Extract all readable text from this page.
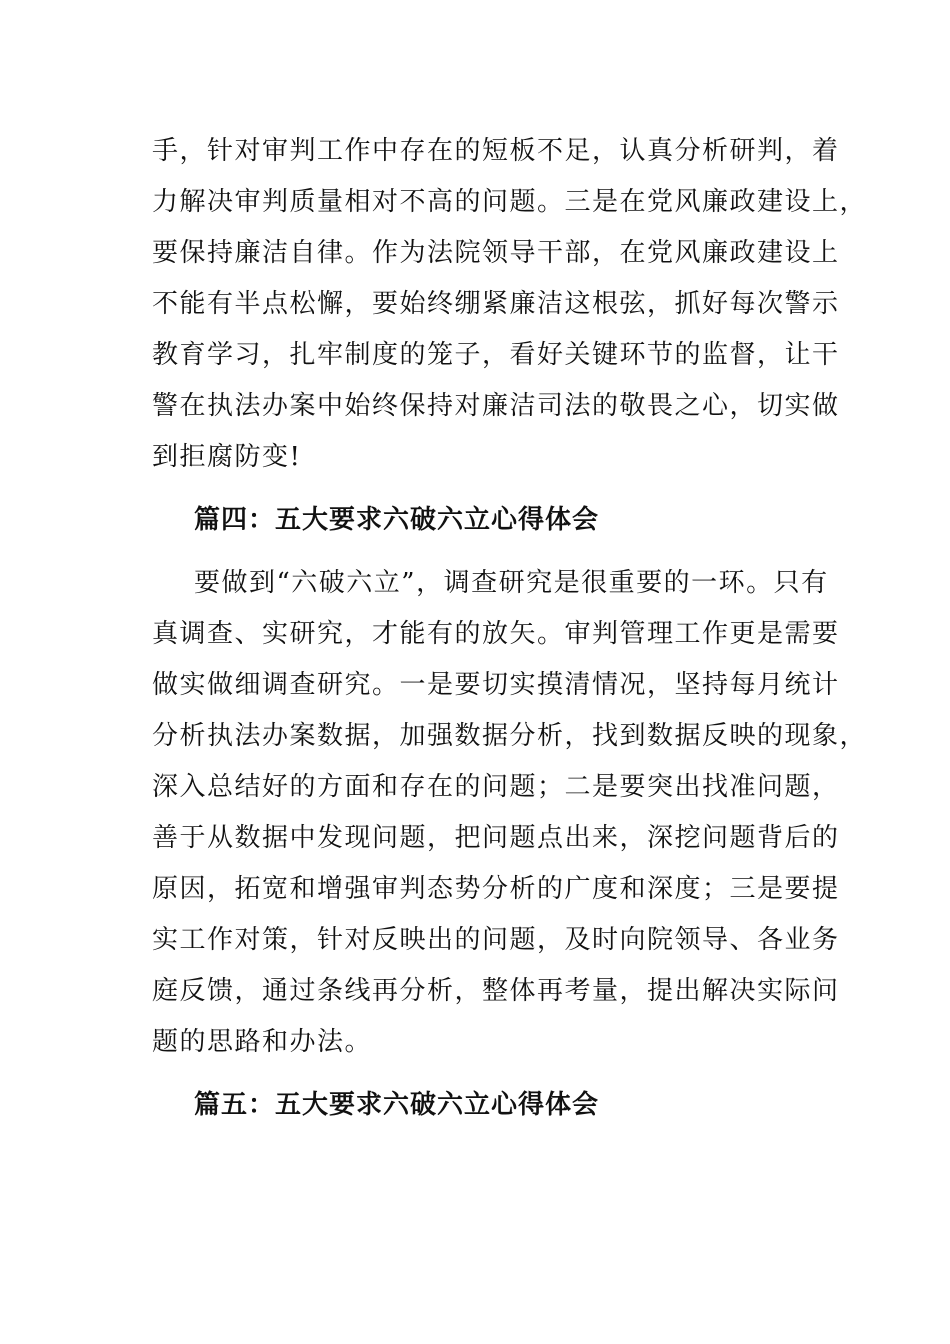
手，针对审判工作中存在的短板不足，认真分析研判，着
力解决审判质量相对不高的问题。三是在党风廉政建设上，
要保持廉洁自律。作为法院领导干部，在党风廉政建设上
不能有半点松懈，要始终绷紧廉洁这根弦，抓好每次警示
教育学习，扎牢制度的笼子，看好关键环节的监督，让干
警在执法办案中始终保持对廉洁司法的敬畏之心，切实做
到拒腐防变!
篇四：五大要求六破六立心得体会
要做到“六破六立”，调查研究是很重要的一环。只有
真调查、实研究，才能有的放矢。审判管理工作更是需要
做实做细调查研究。一是要切实摸清情况，坚持每月统计
分析执法办案数据，加强数据分析，找到数据反映的现象，
深入总结好的方面和存在的问题；二是要突出找准问题，
善于从数据中发现问题，把问题点出来，深挖问题背后的
原因，拓宽和增强审判态势分析的广度和深度；三是要提
实工作对策，针对反映出的问题，及时向院领导、各业务
庭反馈，通过条线再分析，整体再考量，提出解决实际问
题的思路和办法。
篇五：五大要求六破六立心得体会
